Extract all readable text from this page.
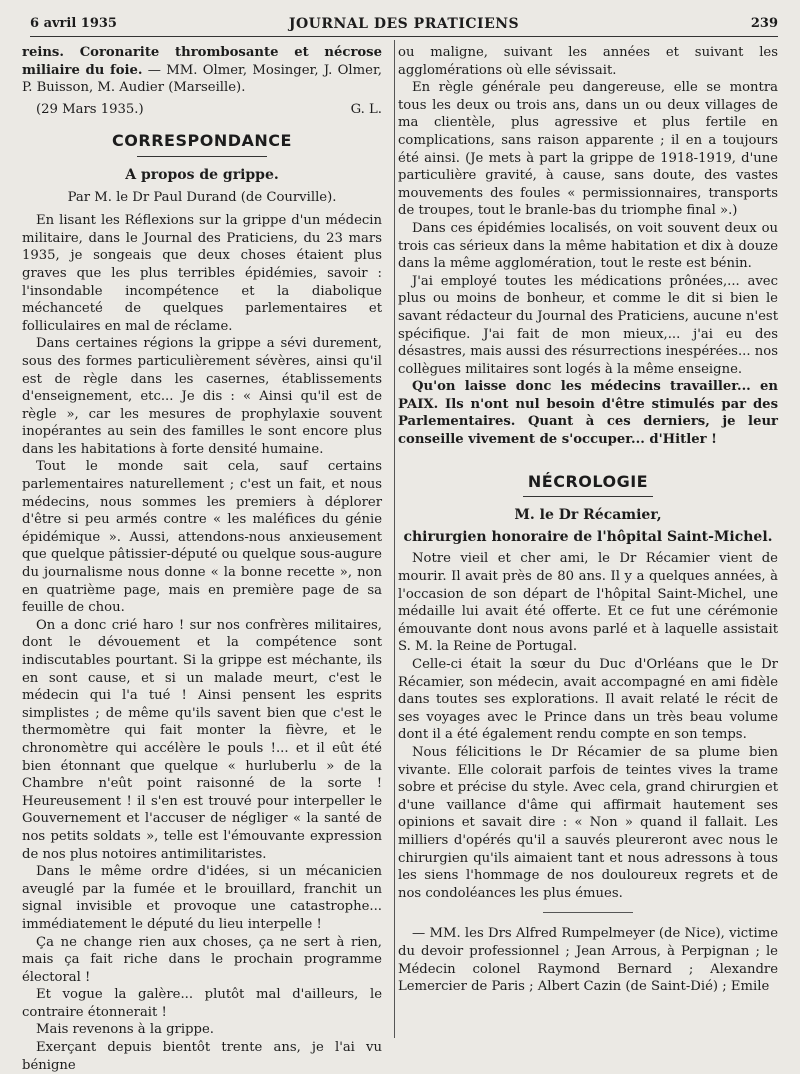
6 avril 1935	JOURNAL DES PRATICIENS	239

reins. Coronarite thrombosante et nécrose miliaire du foie. — MM. Olmer, Mosinger, J. Olmer, P. Buisson, M. Audier (Marseille).

(29 Mars 1935.)	G. L.
CORRESPONDANCE
A propos de grippe.
Par M. le Dr Paul Durand (de Courville).

En lisant les Réflexions sur la grippe d'un médecin militaire, dans le Journal des Praticiens, du 23 mars 1935, je songeais que deux choses étaient plus graves que les plus terribles épidémies, savoir : l'insondable incompétence et la diabolique méchanceté de quelques parlementaires et folliculaires en mal de réclame.

Dans certaines régions la grippe a sévi durement, sous des formes particulièrement sévères, ainsi qu'il est de règle dans les casernes, établissements d'enseignement, etc... Je dis : « Ainsi qu'il est de règle », car les mesures de prophylaxie souvent inopérantes au sein des familles le sont encore plus dans les habitations à forte densité humaine.

Tout le monde sait cela, sauf certains parlementaires naturellement ; c'est un fait, et nous médecins, nous sommes les premiers à déplorer d'être si peu armés contre « les maléfices du génie épidémique ». Aussi, attendons-nous anxieusement que quelque pâtissier-député ou quelque sous-augure du journalisme nous donne « la bonne recette », non en quatrième page, mais en première page de sa feuille de chou.

On a donc crié haro ! sur nos confrères militaires, dont le dévouement et la compétence sont indiscutables pourtant. Si la grippe est méchante, ils en sont cause, et si un malade meurt, c'est le médecin qui l'a tué ! Ainsi pensent les esprits simplistes ; de même qu'ils savent bien que c'est le thermomètre qui fait monter la fièvre, et le chronomètre qui accélère le pouls !... et il eût été bien étonnant que quelque « hurluberlu » de la Chambre n'eût point raisonné de la sorte ! Heureusement ! il s'en est trouvé pour interpeller le Gouvernement et l'accuser de négliger « la santé de nos petits soldats », telle est l'émouvante expression de nos plus notoires antimilitaristes.

Dans le même ordre d'idées, si un mécanicien aveuglé par la fumée et le brouillard, franchit un signal invisible et provoque une catastrophe... immédiatement le député du lieu interpelle !

Ça ne change rien aux choses, ça ne sert à rien, mais ça fait riche dans le prochain programme électoral !

Et vogue la galère... plutôt mal d'ailleurs, le contraire étonnerait !

Mais revenons à la grippe.

Exerçant depuis bientôt trente ans, je l'ai vu bénigne

ou maligne, suivant les années et suivant les agglomérations où elle sévissait.

En règle générale peu dangereuse, elle se montra tous les deux ou trois ans, dans un ou deux villages de ma clientèle, plus agressive et plus fertile en complications, sans raison apparente ; il en a toujours été ainsi. (Je mets à part la grippe de 1918-1919, d'une particulière gravité, à cause, sans doute, des vastes mouvements des foules « permissionnaires, transports de troupes, tout le branle-bas du triomphe final ».)

Dans ces épidémies localisés, on voit souvent deux ou trois cas sérieux dans la même habitation et dix à douze dans la même agglomération, tout le reste est bénin.

J'ai employé toutes les médications prônées,... avec plus ou moins de bonheur, et comme le dit si bien le savant rédacteur du Journal des Praticiens, aucune n'est spécifique. J'ai fait de mon mieux,... j'ai eu des désastres, mais aussi des résurrections inespérées... nos collègues militaires sont logés à la même enseigne.

Qu'on laisse donc les médecins travailler... en PAIX. Ils n'ont nul besoin d'être stimulés par des Parlementaires. Quant à ces derniers, je leur conseille vivement de s'occuper... d'Hitler !

NÉCROLOGIE
M. le Dr Récamier,
chirurgien honoraire de l'hôpital Saint-Michel.

Notre vieil et cher ami, le Dr Récamier vient de mourir. Il avait près de 80 ans. Il y a quelques années, à l'occasion de son départ de l'hôpital Saint-Michel, une médaille lui avait été offerte. Et ce fut une cérémonie émouvante dont nous avons parlé et à laquelle assistait S. M. la Reine de Portugal.

Celle-ci était la sœur du Duc d'Orléans que le Dr Récamier, son médecin, avait accompagné en ami fidèle dans toutes ses explorations. Il avait relaté le récit de ses voyages avec le Prince dans un très beau volume dont il a été également rendu compte en son temps.

Nous félicitions le Dr Récamier de sa plume bien vivante. Elle colorait parfois de teintes vives la trame sobre et précise du style. Avec cela, grand chirurgien et d'une vaillance d'âme qui affirmait hautement ses opinions et savait dire : « Non » quand il fallait. Les milliers d'opérés qu'il a sauvés pleureront avec nous le chirurgien qu'ils aimaient tant et nous adressons à tous les siens l'hommage de nos douloureux regrets et de nos condoléances les plus émues.

— MM. les Drs Alfred Rumpelmeyer (de Nice), victime du devoir professionnel ; Jean Arrous, à Perpignan ; le Médecin colonel Raymond Bernard ; Alexandre Lemercier de Paris ; Albert Cazin (de Saint-Dié) ; Emile
